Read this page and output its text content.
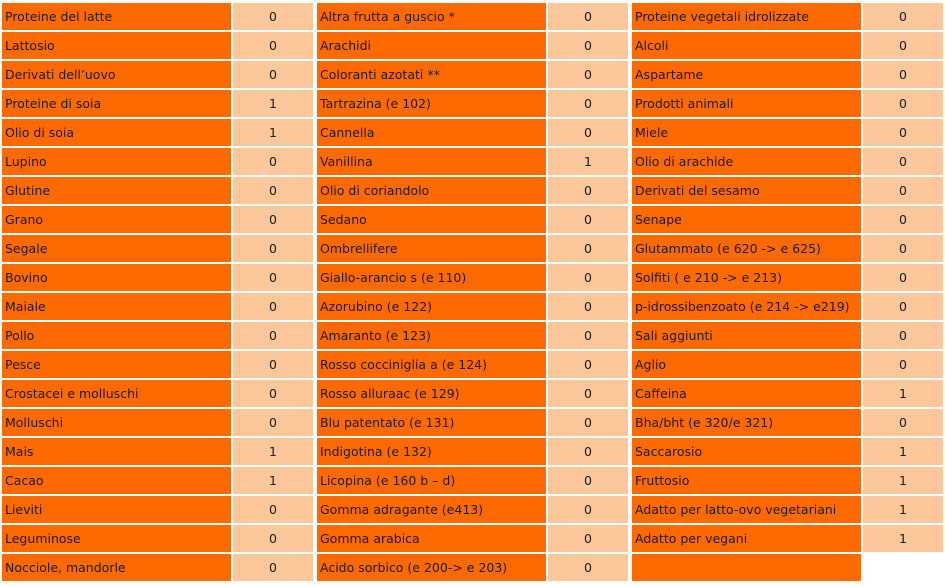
Proteine del latte	0
Lattosio	0
Derivati dell’uovo	0
Proteine di soia	1
Olio di soia	1
Lupino	0
Glutine	0
Grano	0
Segale	0
Bovino	0
Maiale	0
Pollo	0
Pesce	0
Crostacei e molluschi	0
Molluschi	0
Mais	1
Cacao	1
Lieviti	0
Leguminose	0
Nocciole, mandorle	0
Altra frutta a guscio *	0
Arachidi	0
Coloranti azotati **	0
Tartrazina (e 102)	0
Cannella	0
Vanillina	1
Olio di coriandolo	0
Sedano	0
Ombrellifere	0
Giallo-arancio s (e 110)	0
Azorubino (e 122)	0
Amaranto (e 123)	0
Rosso cocciniglia a (e 124)	0
Rosso alluraac (e 129)	0
Blu patentato (e 131)	0
Indigotina (e 132)	0
Licopina (e 160 b – d)	0
Gomma adragante (e413)	0
Gomma arabica	0
Acido sorbico (e 200-> e 203)	0
Proteine vegetali idrolizzate	0
Alcoli	0
Aspartame	0
Prodotti animali	0
Miele	0
Olio di arachide	0
Derivati del sesamo	0
Senape	0
Glutammato (e 620 -> e 625)	0
Solfiti ( e 210 -> e 213)	0
p-idrossibenzoato (e 214 -> e219)	0
Sali aggiunti	0
Aglio	0
Caffeina	1
Bha/bht (e 320/e 321)	0
Saccarosio	1
Fruttosio	1
Adatto per latto-ovo vegetariani	1
Adatto per vegani	1
